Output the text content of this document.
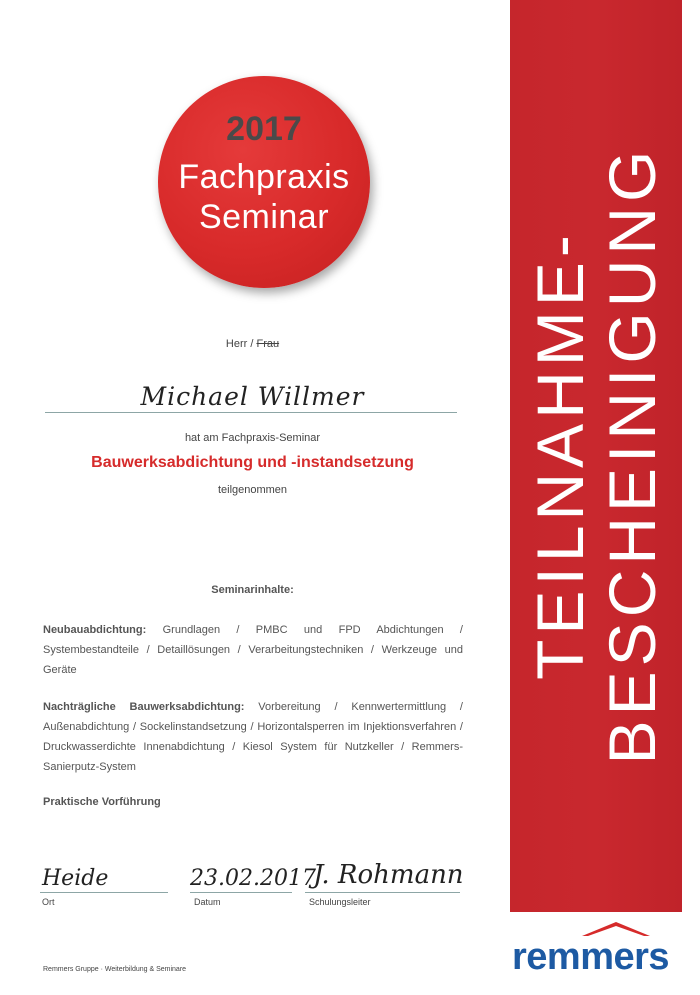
2017
Fachpraxis
Seminar
TEILNAHME-
BESCHEINIGUNG
Herr / Frau
Michael Willmer
hat am Fachpraxis-Seminar
Bauwerksabdichtung und -instandsetzung
teilgenommen
Seminarinhalte:
Neubauabdichtung: Grundlagen / PMBC und FPD Abdichtungen / Systembestandteile / Detaillösungen / Verarbeitungstechniken / Werkzeuge und Geräte
Nachträgliche Bauwerksabdichtung: Vorbereitung / Kennwertermittlung / Außenabdichtung / Sockelinstandsetzung / Horizontalsperren im Injektionsverfahren / Druckwasserdichte Innenabdichtung / Kiesol System für Nutzkeller / Remmers-Sanierputz-System
Praktische Vorführung
Heide	23.02.2017
J. Rohmann
Ort	Datum	Schulungsleiter
Remmers Gruppe · Weiterbildung & Seminare	remmers
